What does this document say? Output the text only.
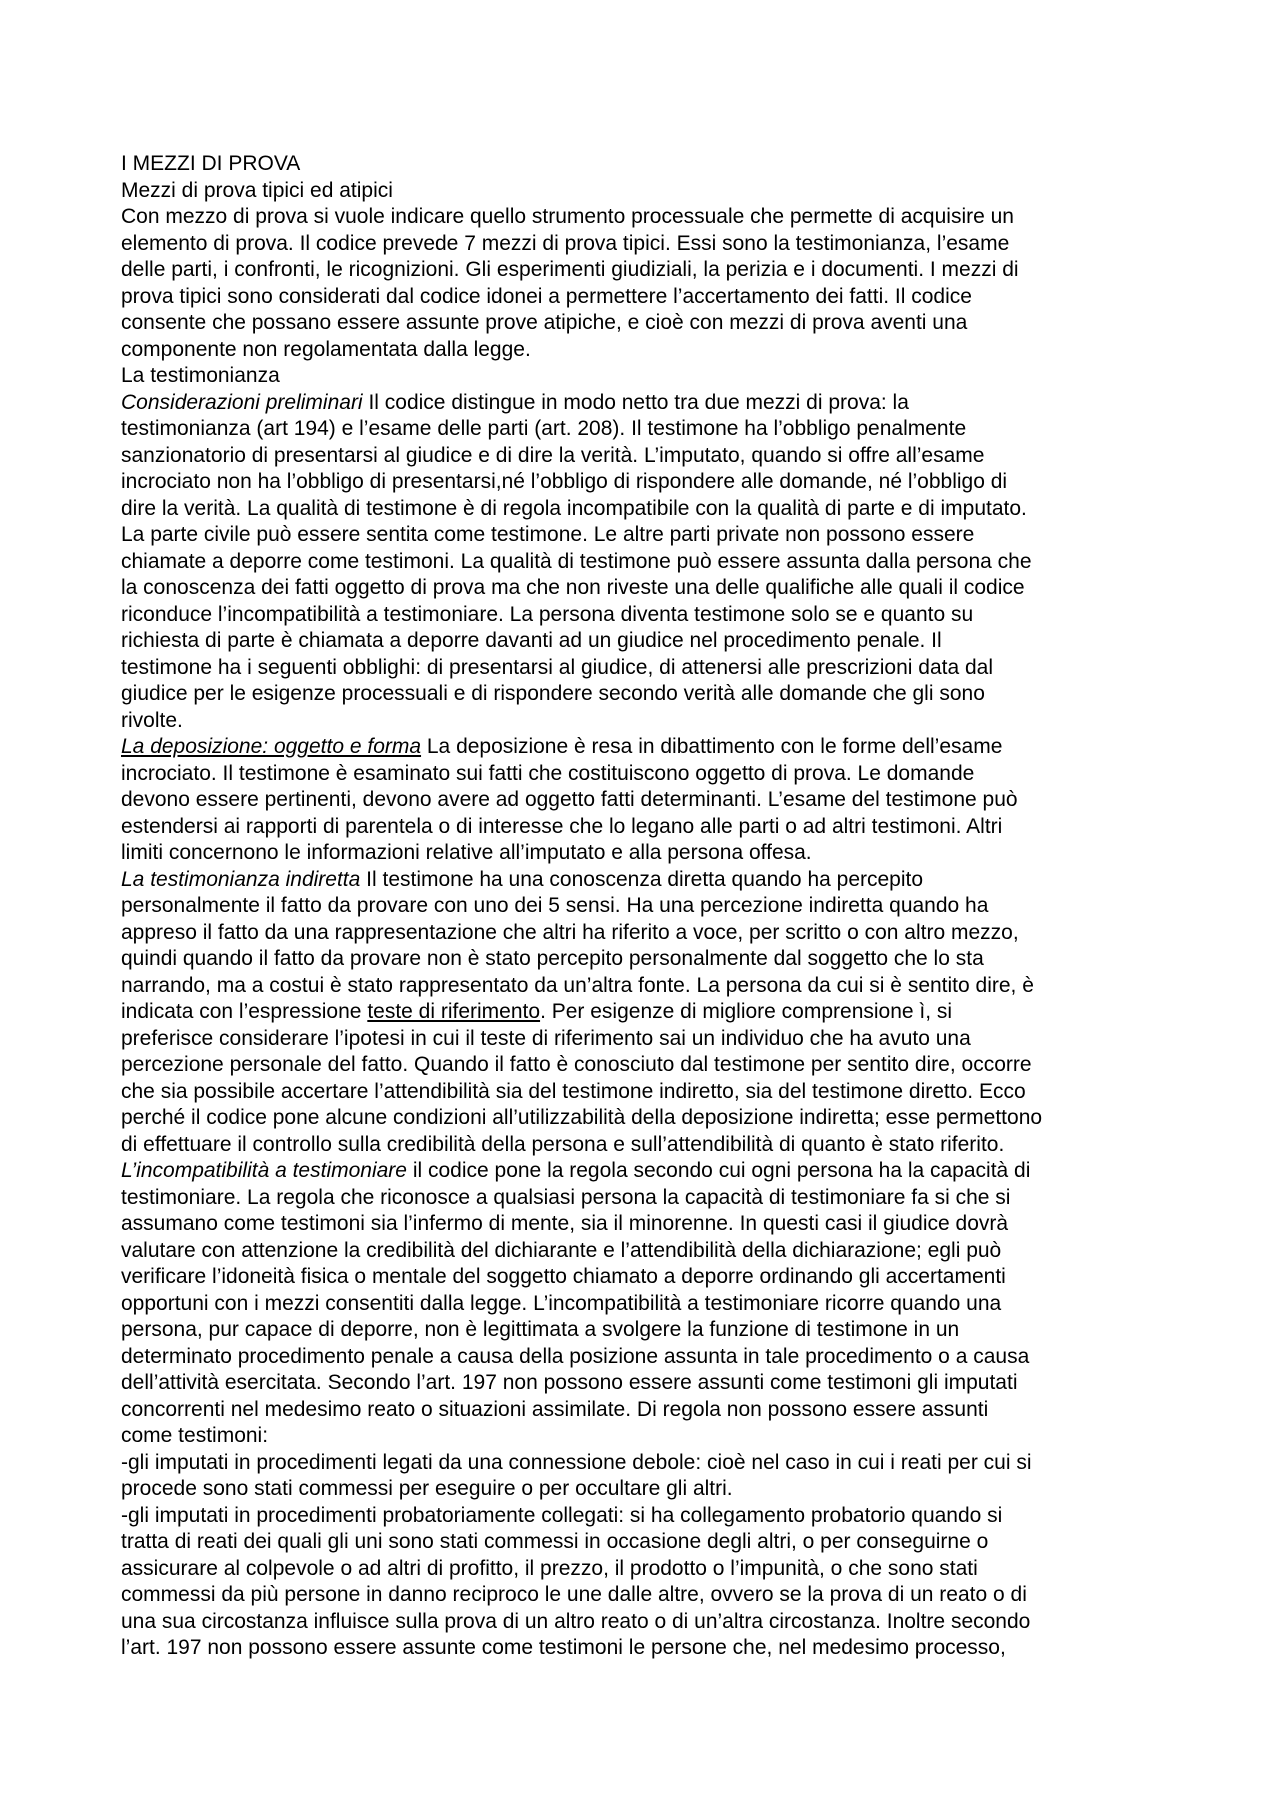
I MEZZI DI PROVA
Mezzi di prova tipici ed atipici
Con mezzo di prova si vuole indicare quello strumento processuale che permette di acquisire un
elemento di prova. Il codice prevede 7 mezzi di prova tipici. Essi sono la testimonianza, l’esame
delle parti, i confronti, le ricognizioni. Gli esperimenti giudiziali, la perizia e i documenti. I mezzi di
prova tipici sono considerati dal codice idonei a permettere l’accertamento dei fatti. Il codice
consente che possano essere assunte prove atipiche, e cioè con mezzi di prova aventi una
componente non regolamentata dalla legge.
La testimonianza
Considerazioni preliminari Il codice distingue in modo netto tra due mezzi di prova: la
testimonianza (art 194) e l’esame delle parti (art. 208). Il testimone ha l’obbligo penalmente
sanzionatorio di presentarsi al giudice e di dire la verità. L’imputato, quando si offre all’esame
incrociato non ha l’obbligo di presentarsi,né l’obbligo di rispondere alle domande, né l’obbligo di
dire la verità. La qualità di testimone è di regola incompatibile con la qualità di parte e di imputato.
La parte civile può essere sentita come testimone. Le altre parti private non possono essere
chiamate a deporre come testimoni. La qualità di testimone può essere assunta dalla persona che
la conoscenza dei fatti oggetto di prova ma che non riveste una delle qualifiche alle quali il codice
riconduce l’incompatibilità a testimoniare. La persona diventa testimone solo se e quanto su
richiesta di parte è chiamata a deporre davanti ad un giudice nel procedimento penale. Il
testimone ha i seguenti obblighi: di presentarsi al giudice, di attenersi alle prescrizioni data dal
giudice per le esigenze processuali e di rispondere secondo verità alle domande che gli sono
rivolte.
La deposizione: oggetto e forma La deposizione è resa in dibattimento con le forme dell’esame
incrociato. Il testimone è esaminato sui fatti che costituiscono oggetto di prova. Le domande
devono essere pertinenti, devono avere ad oggetto fatti determinanti. L’esame del testimone può
estendersi ai rapporti di parentela o di interesse che lo legano alle parti o ad altri testimoni. Altri
limiti concernono le informazioni relative all’imputato e alla persona offesa.
La testimonianza indiretta Il testimone ha una conoscenza diretta quando ha percepito
personalmente il fatto da provare con uno dei 5 sensi. Ha una percezione indiretta quando ha
appreso il fatto da una rappresentazione che altri ha riferito a voce, per scritto o con altro mezzo,
quindi quando il fatto da provare non è stato percepito personalmente dal soggetto che lo sta
narrando, ma a costui è stato rappresentato da un’altra fonte. La persona da cui si è sentito dire, è
indicata con l’espressione teste di riferimento. Per esigenze di migliore comprensione ì, si
preferisce considerare l’ipotesi in cui il teste di riferimento sai un individuo che ha avuto una
percezione personale del fatto. Quando il fatto è conosciuto dal testimone per sentito dire, occorre
che sia possibile accertare l’attendibilità sia del testimone indiretto, sia del testimone diretto. Ecco
perché il codice pone alcune condizioni all’utilizzabilità della deposizione indiretta; esse permettono
di effettuare il controllo sulla credibilità della persona e sull’attendibilità di quanto è stato riferito.
L’incompatibilità a testimoniare il codice pone la regola secondo cui ogni persona ha la capacità di
testimoniare. La regola che riconosce a qualsiasi persona la capacità di testimoniare fa si che si
assumano come testimoni sia l’infermo di mente, sia il minorenne. In questi casi il giudice dovrà
valutare con attenzione la credibilità del dichiarante e l’attendibilità della dichiarazione; egli può
verificare l’idoneità fisica o mentale del soggetto chiamato a deporre ordinando gli accertamenti
opportuni con i mezzi consentiti dalla legge. L’incompatibilità a testimoniare ricorre quando una
persona, pur capace di deporre, non è legittimata a svolgere la funzione di testimone in un
determinato procedimento penale a causa della posizione assunta in tale procedimento o a causa
dell’attività esercitata. Secondo l’art. 197 non possono essere assunti come testimoni gli imputati
concorrenti nel medesimo reato o situazioni assimilate. Di regola non possono essere assunti
come testimoni:
-gli imputati in procedimenti legati da una connessione debole: cioè nel caso in cui i reati per cui si
procede sono stati commessi per eseguire o per occultare gli altri.
-gli imputati in procedimenti probatoriamente collegati: si ha collegamento probatorio quando si
tratta di reati dei quali gli uni sono stati commessi in occasione degli altri, o per conseguirne o
assicurare al colpevole o ad altri di profitto, il prezzo, il prodotto o l’impunità, o che sono stati
commessi da più persone in danno reciproco le une dalle altre, ovvero se la prova di un reato o di
una sua circostanza influisce sulla prova di un altro reato o di un’altra circostanza. Inoltre secondo
l’art. 197 non possono essere assunte come testimoni le persone che, nel medesimo processo,
